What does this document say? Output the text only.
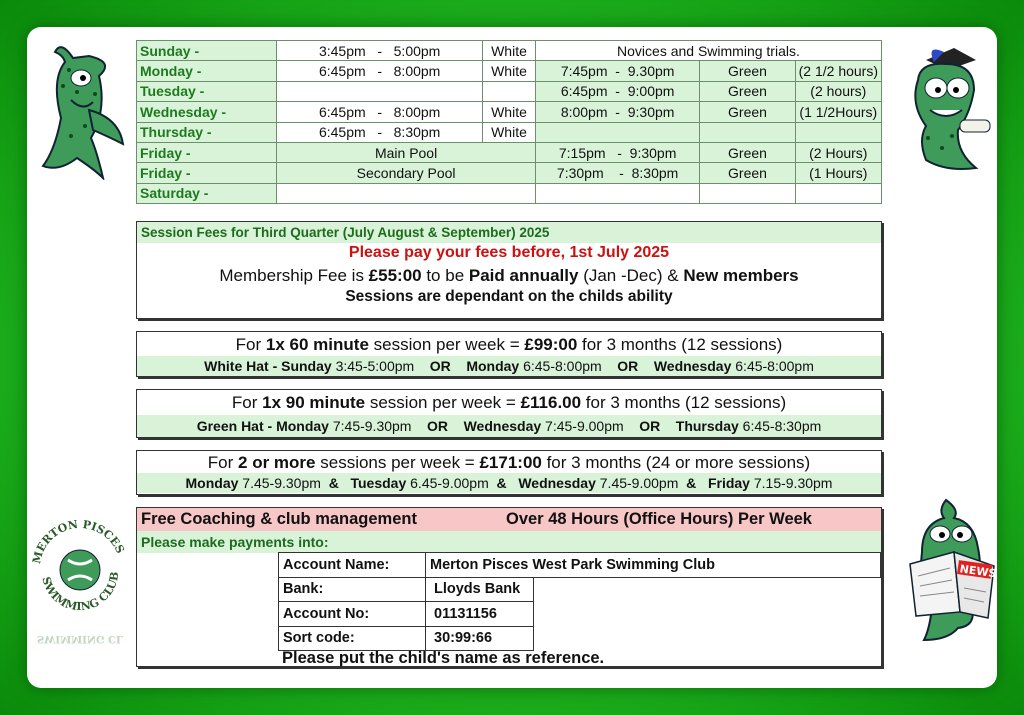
Sunday -	3:45pm   -   5:00pm	White	Novices and Swimming trials.		
Monday -	6:45pm   -   8:00pm	White	7:45pm  -  9.30pm	Green	(2 1/2 hours)
Tuesday -			6:45pm  -  9:00pm	Green	(2 hours)
Wednesday -	6:45pm   -   8:00pm	White	8:00pm  -  9:30pm	Green	(1 1/2Hours)
Thursday -	6:45pm   -   8:30pm	White			
Friday -	Main Pool		7:15pm   -  9:30pm	Green	(2 Hours)
Friday -	Secondary Pool		7:30pm    -  8:30pm	Green	(1 Hours)
Saturday -					
Session Fees for Third Quarter (July August & September) 2025
Please pay your fees before, 1st July 2025
Membership Fee is £55:00 to be Paid annually (Jan -Dec) & New members
Sessions are dependant on the childs ability
For 1x 60 minute session per week = £99:00 for 3 months (12 sessions)
White Hat - Sunday 3:45-5:00pm    OR Monday 6:45-8:00pm    OR Wednesday 6:45-8:00pm
For 1x 90 minute session per week = £116.00 for 3 months (12 sessions)
Green Hat - Monday 7:45-9.30pm    OR Wednesday 7:45-9.00pm    OR Thursday 6:45-8:30pm
For 2 or more sessions per week = £171:00 for 3 months (24 or more sessions)
Monday 7.45-9.30pm  & Tuesday 6.45-9.00pm  & Wednesday 7.45-9.00pm  & Friday 7.15-9.30pm
Free Coaching & club management	Over 48 Hours (Office Hours) Per Week
Please make payments into:
Please put the child's name as reference.
Account Name:	Merton Pisces West Park Swimming Club	
Bank:	Lloyds Bank	
Account No:	01131156	
Sort code:	30:99:66	
MERTON PISCES
SWIMMING CLUB
SWIMMING CL
NEWS
